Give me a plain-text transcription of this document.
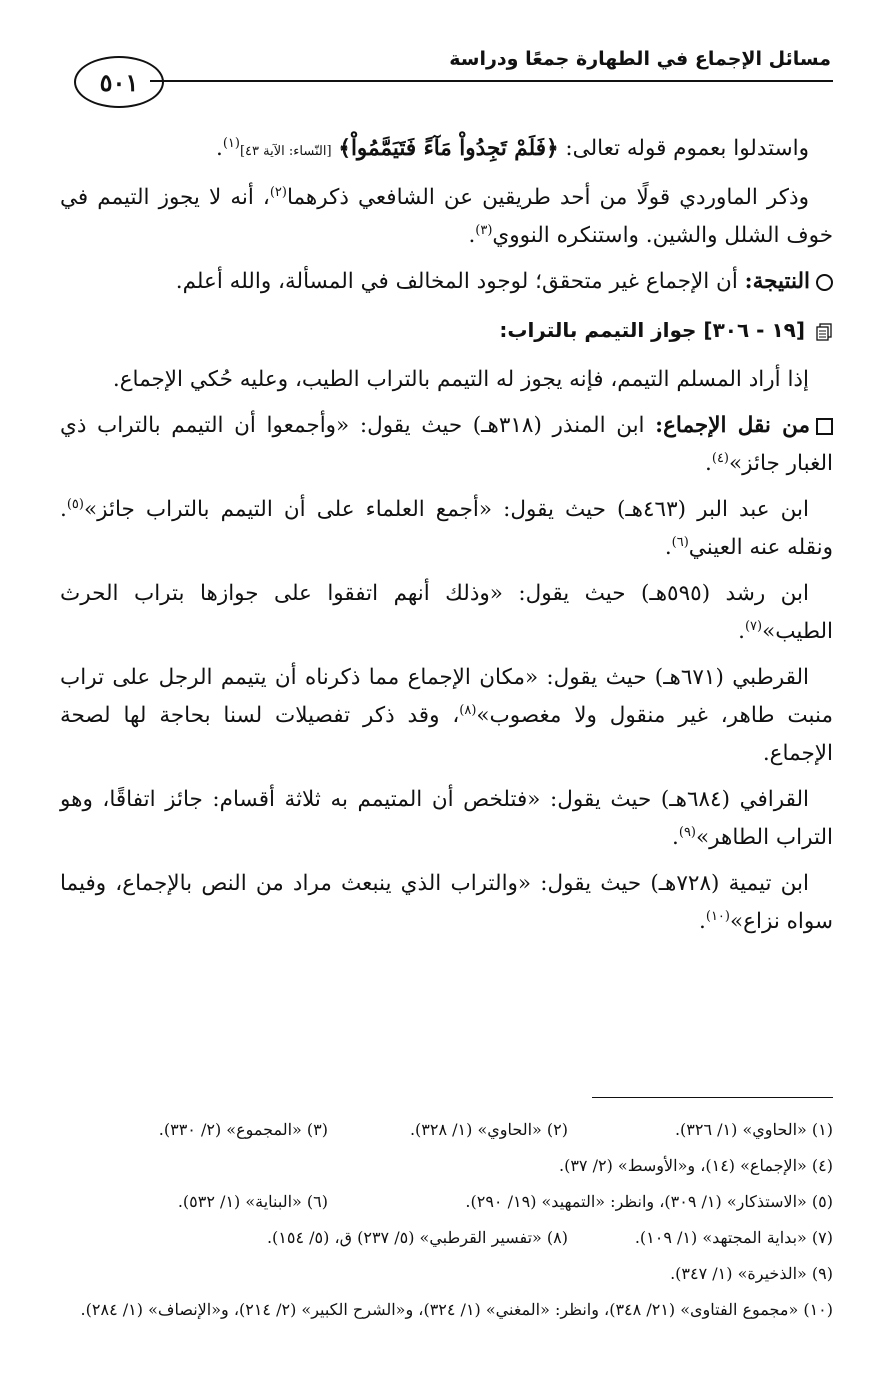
مسائل الإجماع في الطهارة جمعًا ودراسة
٥٠١

واستدلوا بعموم قوله تعالى: ﴿فَلَمْ تَجِدُواْ مَآءً فَتَيَمَّمُواْ﴾ [النّساء: الآية ٤٣]$^{(١)}$.

وذكر الماوردي قولًا من أحد طريقين عن الشافعي ذكرهما$^{(٢)}$، أنه لا يجوز التيمم في خوف الشلل والشين. واستنكره النووي$^{(٣)}$.

النتيجة: أن الإجماع غير متحقق؛ لوجود المخالف في المسألة، والله أعلم.

[١٩ - ٣٠٦] جواز التيمم بالتراب:

إذا أراد المسلم التيمم، فإنه يجوز له التيمم بالتراب الطيب، وعليه حُكي الإجماع.

من نقل الإجماع: ابن المنذر (٣١٨هـ) حيث يقول: «وأجمعوا أن التيمم بالتراب ذي الغبار جائز»$^{(٤)}$.

ابن عبد البر (٤٦٣هـ) حيث يقول: «أجمع العلماء على أن التيمم بالتراب جائز»$^{(٥)}$. ونقله عنه العيني$^{(٦)}$.

ابن رشد (٥٩٥هـ) حيث يقول: «وذلك أنهم اتفقوا على جوازها بتراب الحرث الطيب»$^{(٧)}$.

القرطبي (٦٧١هـ) حيث يقول: «مكان الإجماع مما ذكرناه أن يتيمم الرجل على تراب منبت طاهر، غير منقول ولا مغصوب»$^{(٨)}$، وقد ذكر تفصيلات لسنا بحاجة لها لصحة الإجماع.

القرافي (٦٨٤هـ) حيث يقول: «فتلخص أن المتيمم به ثلاثة أقسام: جائز اتفاقًا، وهو التراب الطاهر»$^{(٩)}$.

ابن تيمية (٧٢٨هـ) حيث يقول: «والتراب الذي ينبعث مراد من النص بالإجماع، وفيما سواه نزاع»$^{(١٠)}$.

(١) «الحاوي» (١/ ٣٢٦).
(٢) «الحاوي» (١/ ٣٢٨).
(٣) «المجموع» (٢/ ٣٣٠).
(٤) «الإجماع» (١٤)، و«الأوسط» (٢/ ٣٧).
(٥) «الاستذكار» (١/ ٣٠٩)، وانظر: «التمهيد» (١٩/ ٢٩٠).
(٦) «البناية» (١/ ٥٣٢).
(٧) «بداية المجتهد» (١/ ١٠٩).
(٨) «تفسير القرطبي» (٥/ ٢٣٧) ق، (٥/ ١٥٤).
(٩) «الذخيرة» (١/ ٣٤٧).
(١٠) «مجموع الفتاوى» (٢١/ ٣٤٨)، وانظر: «المغني» (١/ ٣٢٤)، و«الشرح الكبير» (٢/ ٢١٤)، و«الإنصاف» (١/ ٢٨٤).
